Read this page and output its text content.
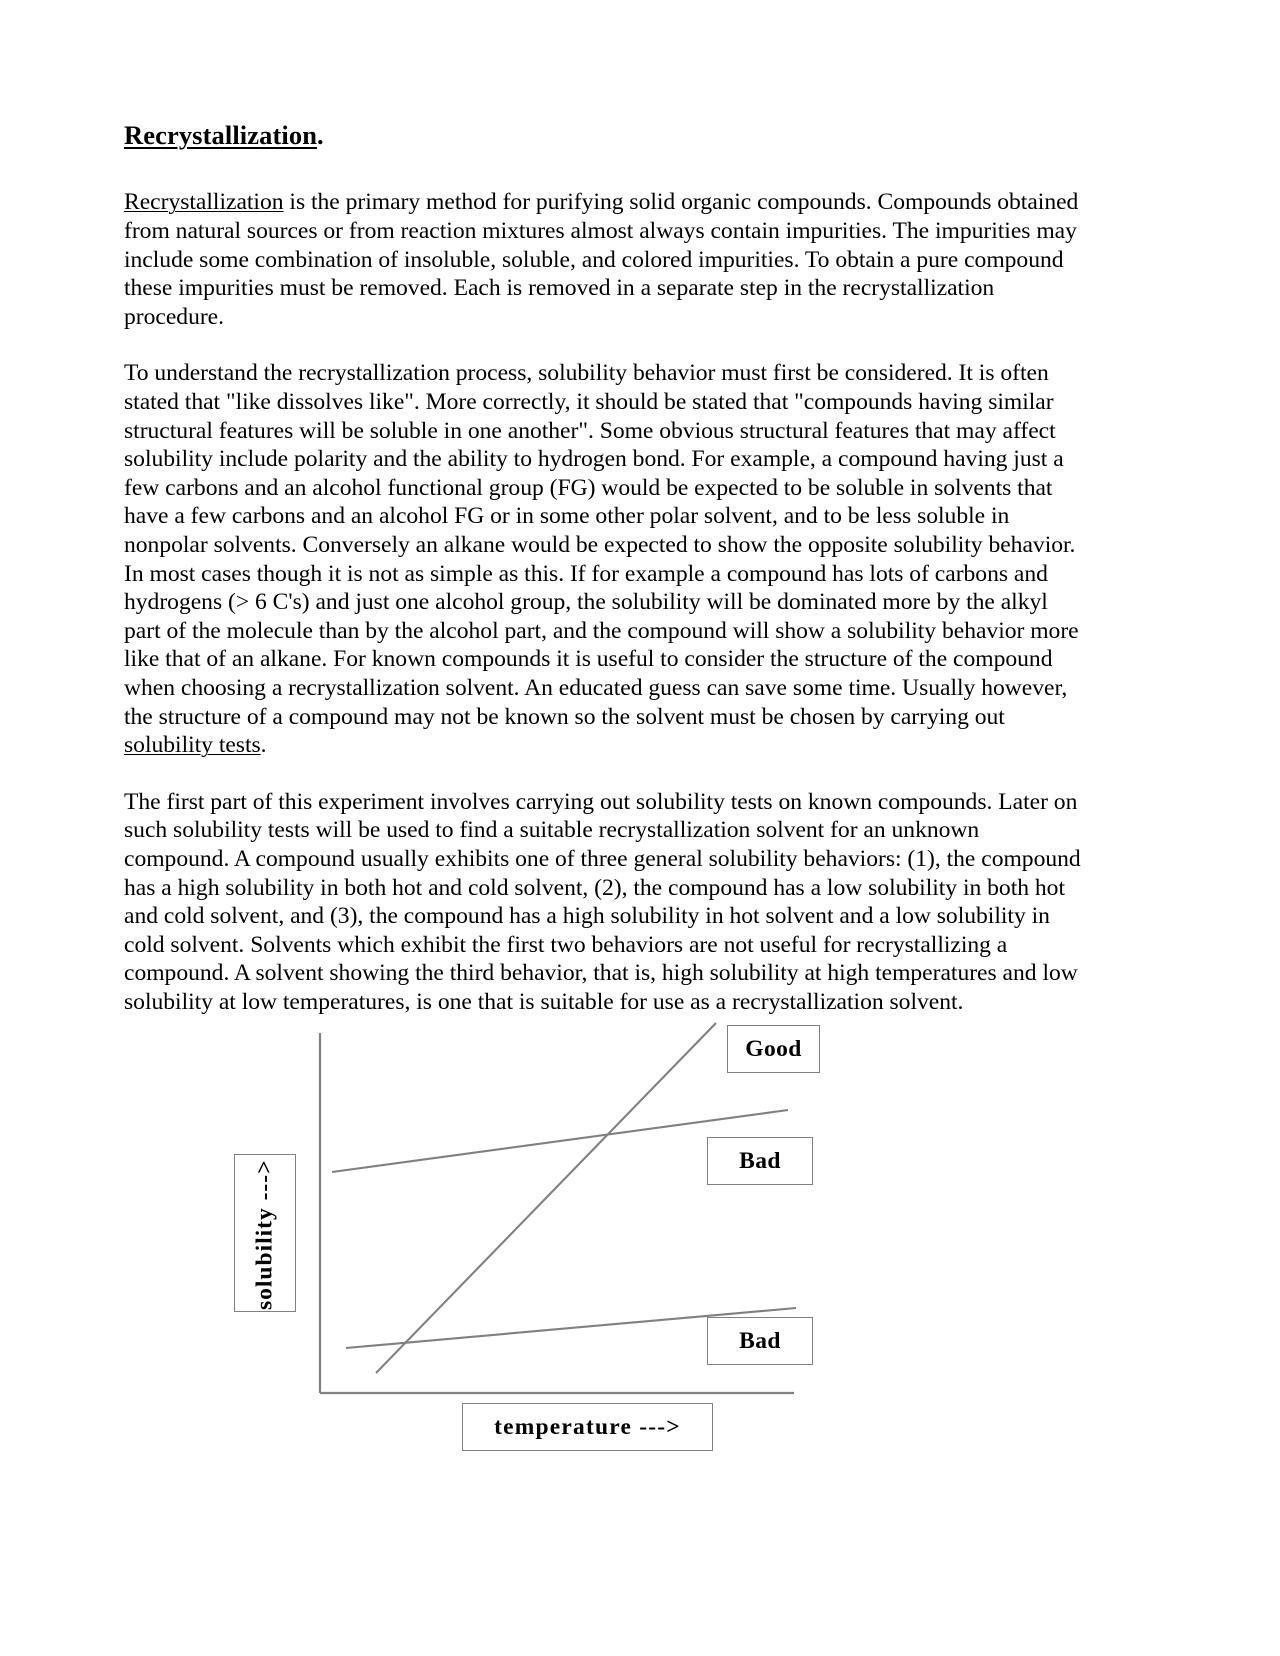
Recrystallization.

Recrystallization is the primary method for purifying solid organic compounds. Compounds obtained from natural sources or from reaction mixtures almost always contain impurities. The impurities may include some combination of insoluble, soluble, and colored impurities. To obtain a pure compound these impurities must be removed. Each is removed in a separate step in the recrystallization procedure.

To understand the recrystallization process, solubility behavior must first be considered. It is often stated that "like dissolves like". More correctly, it should be stated that "compounds having similar structural features will be soluble in one another". Some obvious structural features that may affect solubility include polarity and the ability to hydrogen bond. For example, a compound having just a few carbons and an alcohol functional group (FG) would be expected to be soluble in solvents that have a few carbons and an alcohol FG or in some other polar solvent, and to be less soluble in nonpolar solvents. Conversely an alkane would be expected to show the opposite solubility behavior. In most cases though it is not as simple as this. If for example a compound has lots of carbons and hydrogens (> 6 C's) and just one alcohol group, the solubility will be dominated more by the alkyl part of the molecule than by the alcohol part, and the compound will show a solubility behavior more like that of an alkane. For known compounds it is useful to consider the structure of the compound when choosing a recrystallization solvent. An educated guess can save some time. Usually however, the structure of a compound may not be known so the solvent must be chosen by carrying out solubility tests.

The first part of this experiment involves carrying out solubility tests on known compounds. Later on such solubility tests will be used to find a suitable recrystallization solvent for an unknown compound. A compound usually exhibits one of three general solubility behaviors: (1), the compound has a high solubility in both hot and cold solvent, (2), the compound has a low solubility in both hot and cold solvent, and (3), the compound has a high solubility in hot solvent and a low solubility in cold solvent. Solvents which exhibit the first two behaviors are not useful for recrystallizing a compound. A solvent showing the third behavior, that is, high solubility at high temperatures and low solubility at low temperatures, is one that is suitable for use as a recrystallization solvent.

Good
Bad
Bad
temperature --->
solubility --->
